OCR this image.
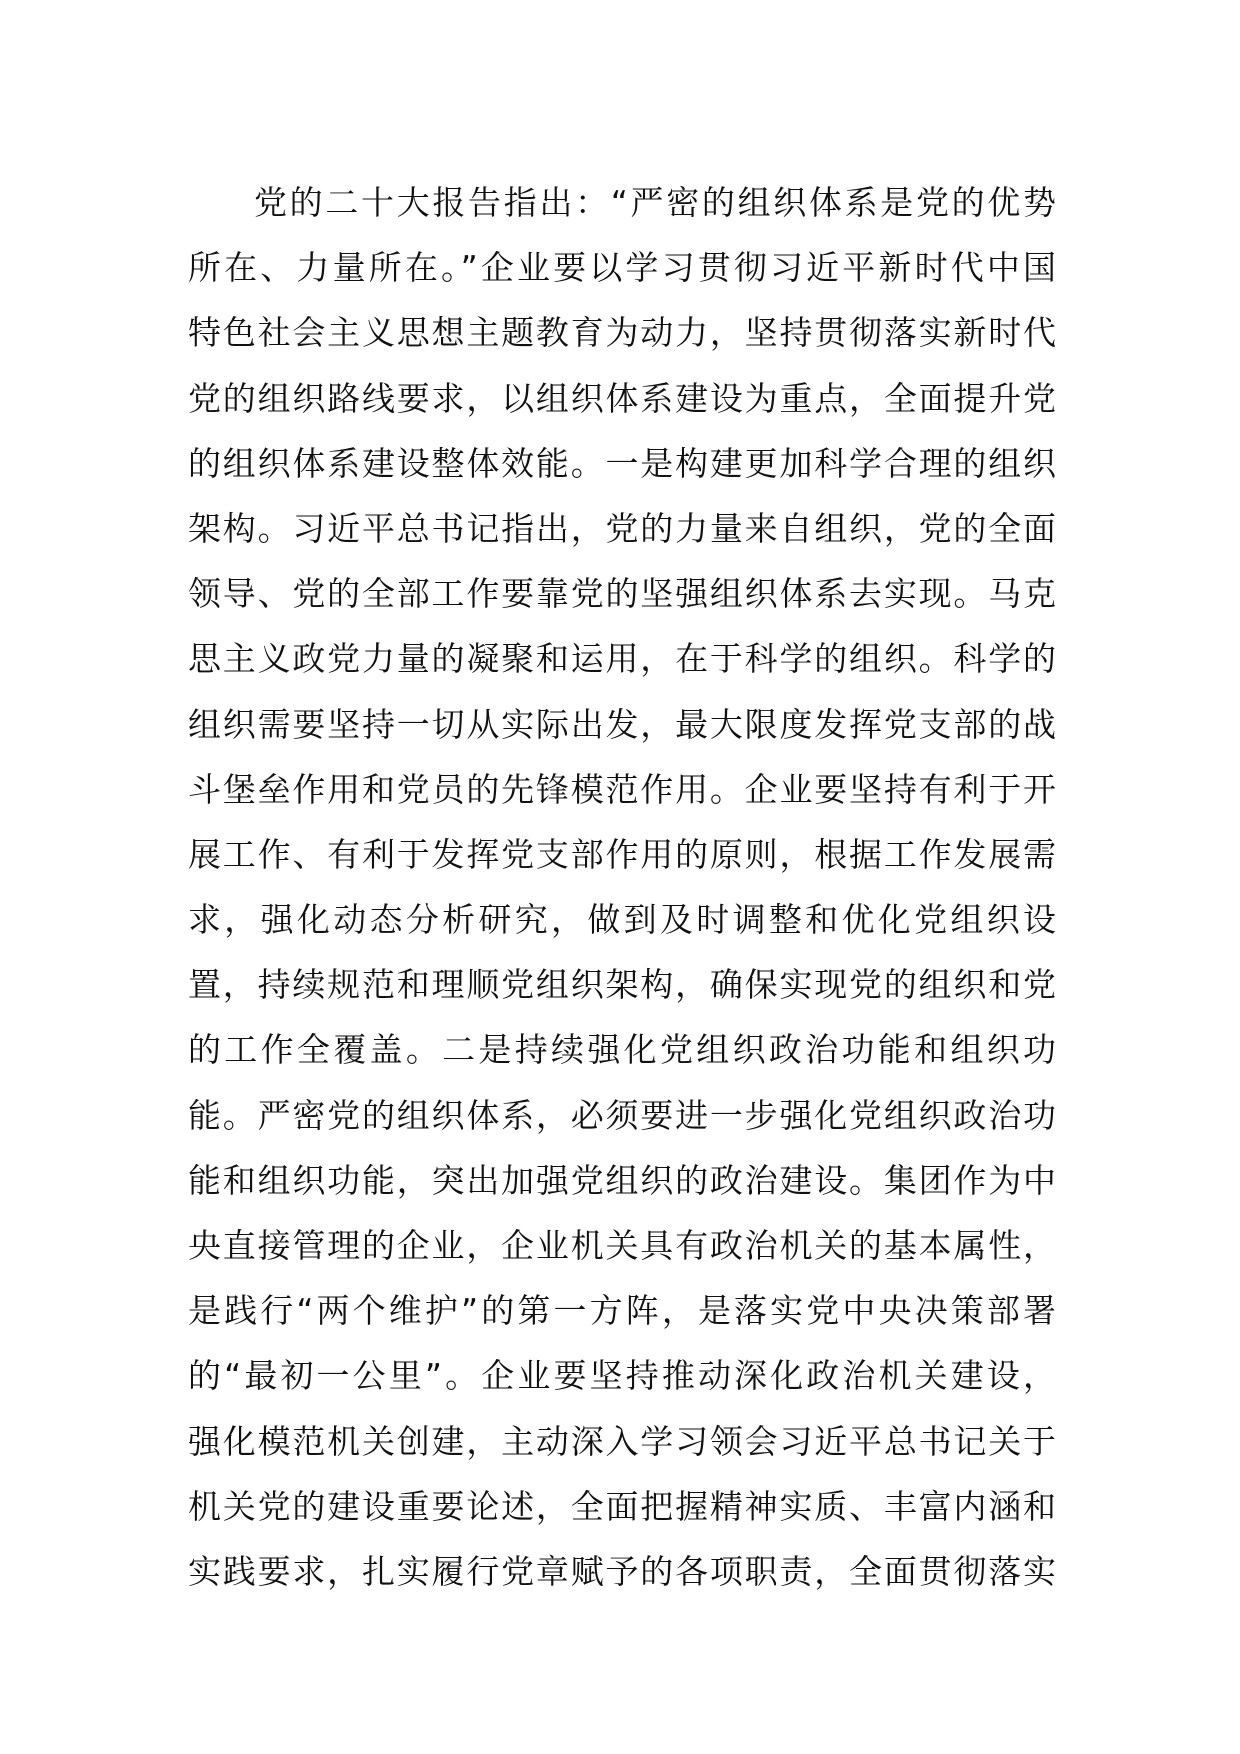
党的二十大报告指出：“严密的组织体系是党的优势
所在、力量所在。”企业要以学习贯彻习近平新时代中国
特色社会主义思想主题教育为动力，坚持贯彻落实新时代
党的组织路线要求，以组织体系建设为重点，全面提升党
的组织体系建设整体效能。一是构建更加科学合理的组织
架构。习近平总书记指出，党的力量来自组织，党的全面
领导、党的全部工作要靠党的坚强组织体系去实现。马克
思主义政党力量的凝聚和运用，在于科学的组织。科学的
组织需要坚持一切从实际出发，最大限度发挥党支部的战
斗堡垒作用和党员的先锋模范作用。企业要坚持有利于开
展工作、有利于发挥党支部作用的原则，根据工作发展需
求，强化动态分析研究，做到及时调整和优化党组织设
置，持续规范和理顺党组织架构，确保实现党的组织和党
的工作全覆盖。二是持续强化党组织政治功能和组织功
能。严密党的组织体系，必须要进一步强化党组织政治功
能和组织功能，突出加强党组织的政治建设。集团作为中
央直接管理的企业，企业机关具有政治机关的基本属性，
是践行“两个维护”的第一方阵，是落实党中央决策部署
的“最初一公里”。企业要坚持推动深化政治机关建设，
强化模范机关创建，主动深入学习领会习近平总书记关于
机关党的建设重要论述，全面把握精神实质、丰富内涵和
实践要求，扎实履行党章赋予的各项职责，全面贯彻落实
